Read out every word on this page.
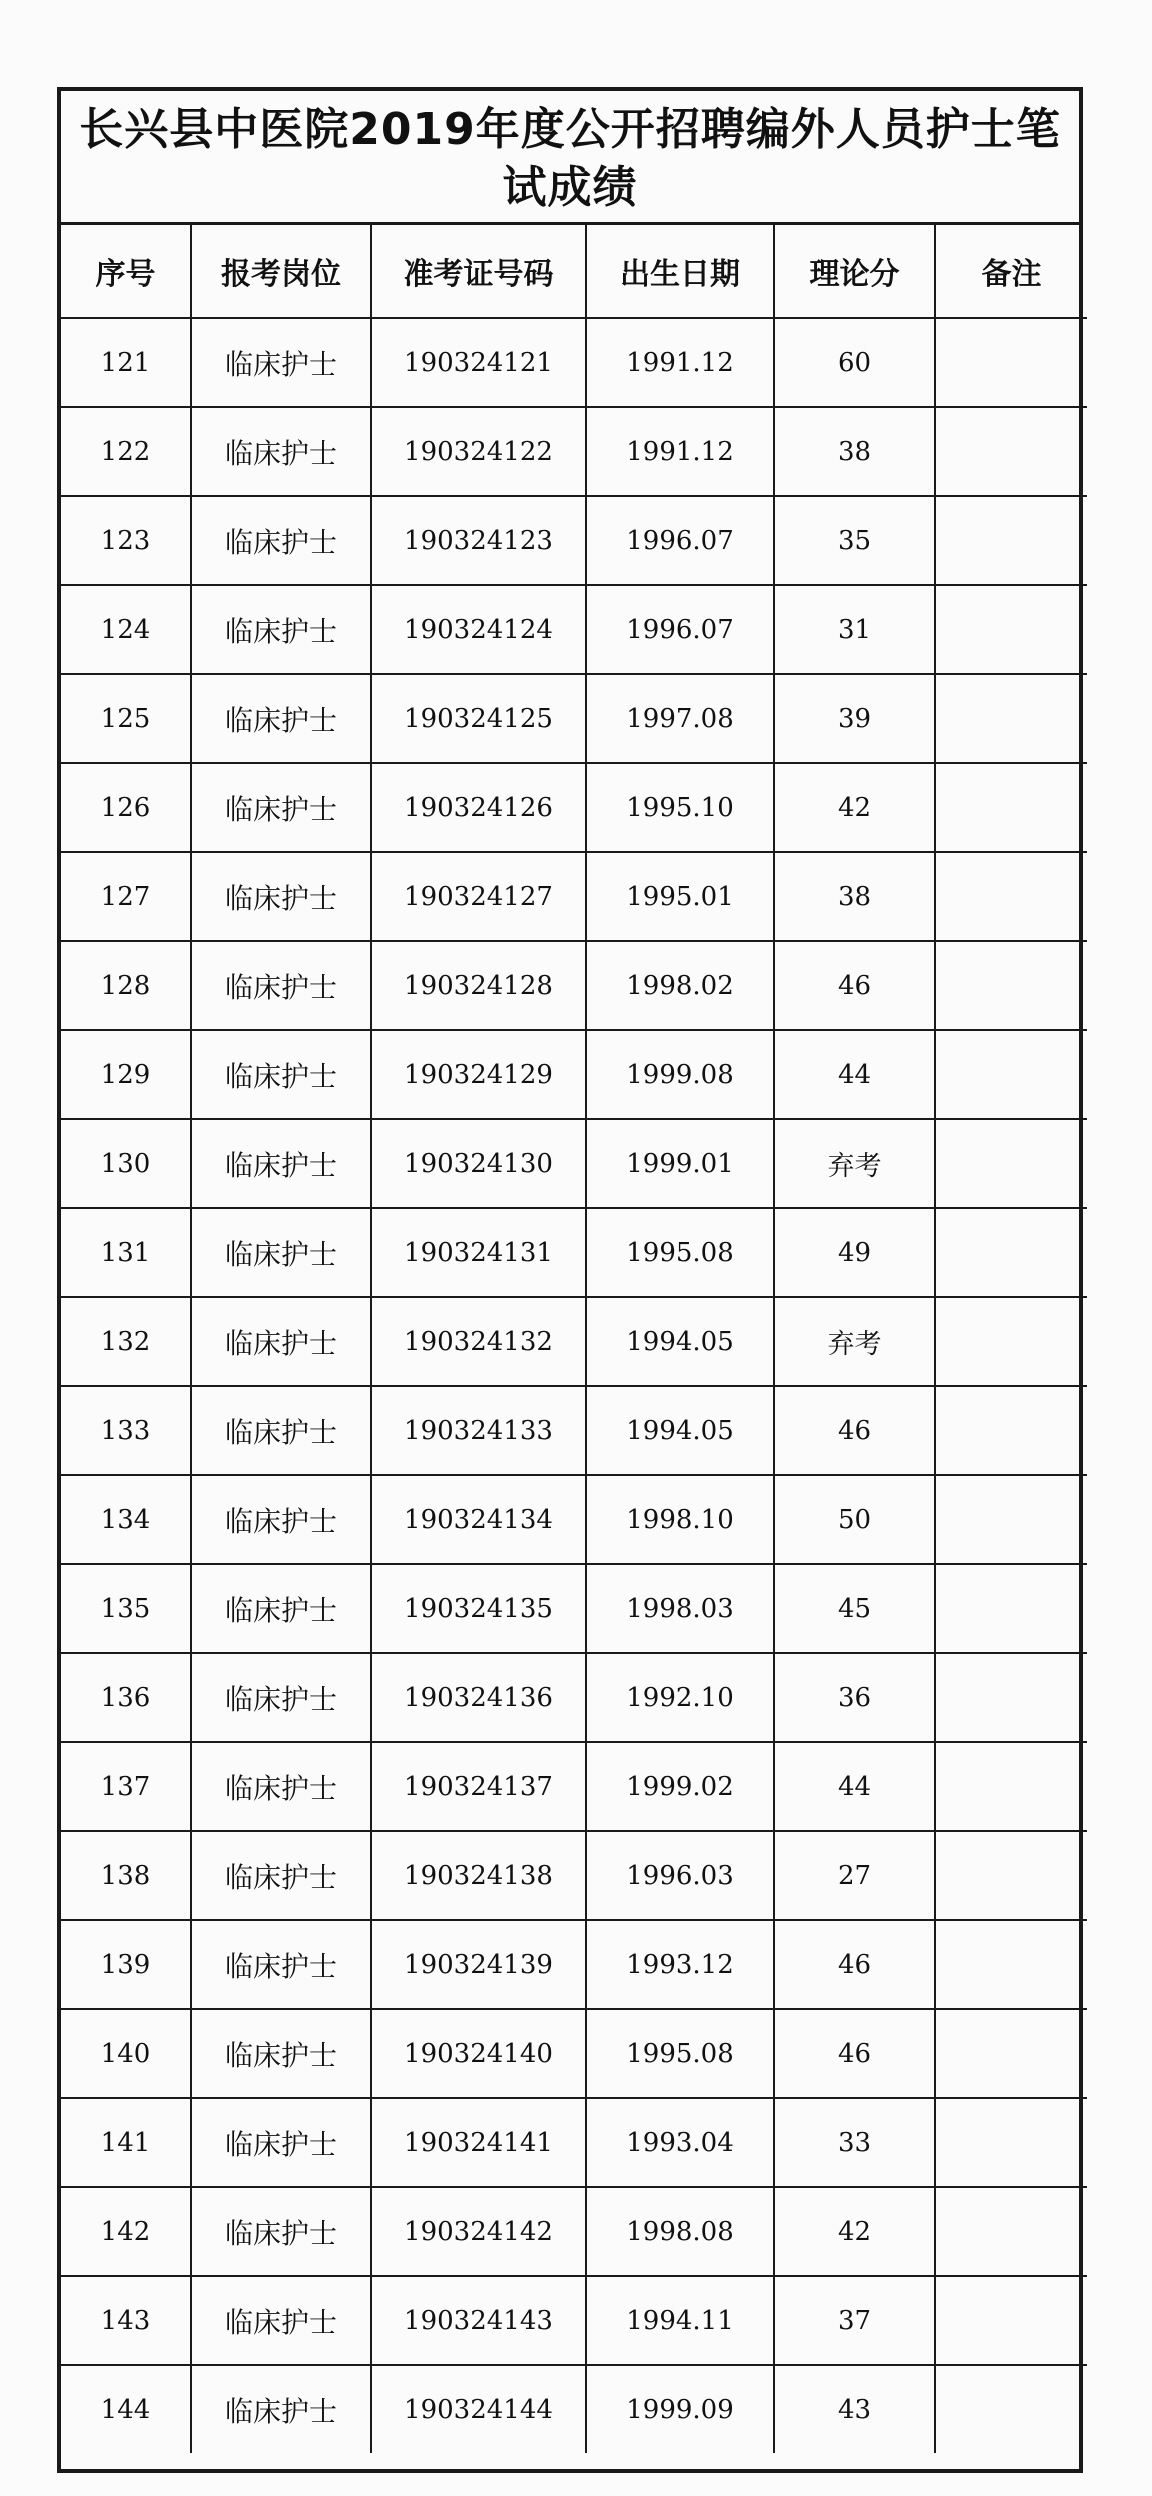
长兴县中医院2019年度公开招聘编外人员护士笔试成绩
序号	报考岗位	准考证号码	出生日期	理论分	备注
121	临床护士	190324121	1991.12	60	
122	临床护士	190324122	1991.12	38	
123	临床护士	190324123	1996.07	35	
124	临床护士	190324124	1996.07	31	
125	临床护士	190324125	1997.08	39	
126	临床护士	190324126	1995.10	42	
127	临床护士	190324127	1995.01	38	
128	临床护士	190324128	1998.02	46	
129	临床护士	190324129	1999.08	44	
130	临床护士	190324130	1999.01	弃考	
131	临床护士	190324131	1995.08	49	
132	临床护士	190324132	1994.05	弃考	
133	临床护士	190324133	1994.05	46	
134	临床护士	190324134	1998.10	50	
135	临床护士	190324135	1998.03	45	
136	临床护士	190324136	1992.10	36	
137	临床护士	190324137	1999.02	44	
138	临床护士	190324138	1996.03	27	
139	临床护士	190324139	1993.12	46	
140	临床护士	190324140	1995.08	46	
141	临床护士	190324141	1993.04	33	
142	临床护士	190324142	1998.08	42	
143	临床护士	190324143	1994.11	37	
144	临床护士	190324144	1999.09	43	
